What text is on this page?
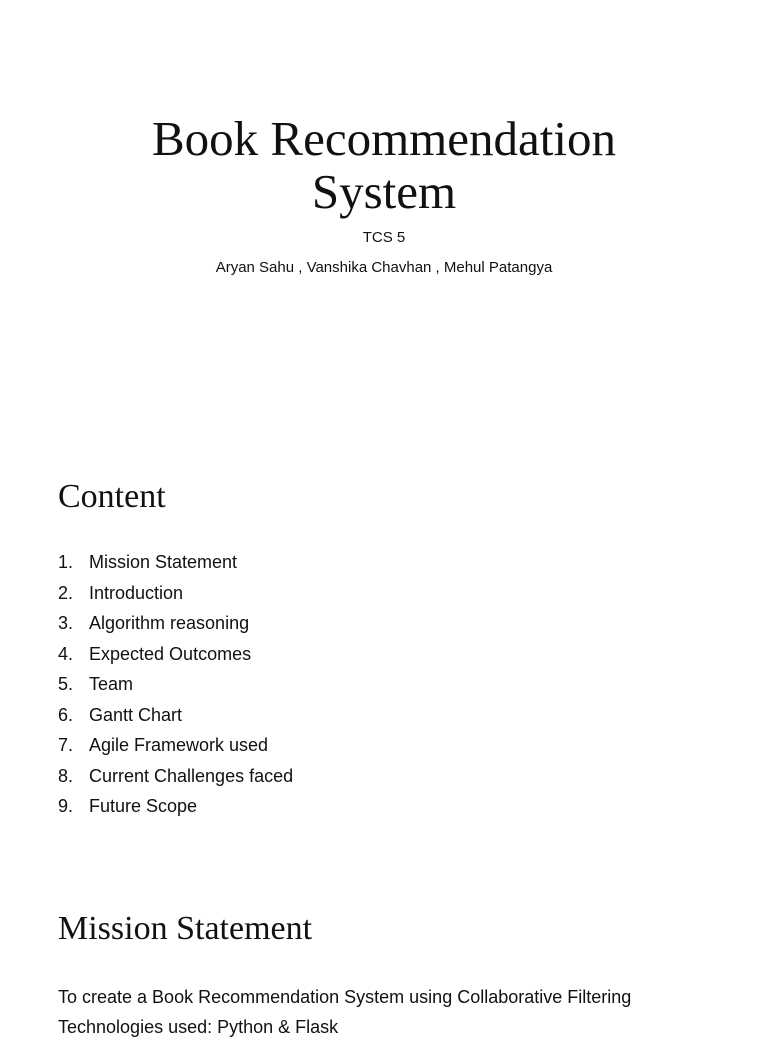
Book Recommendation
System

TCS 5

Aryan Sahu , Vanshika Chavhan , Mehul Patangya

Content
1. Mission Statement
2. Introduction
3. Algorithm reasoning
4. Expected Outcomes
5. Team
6. Gantt Chart
7. Agile Framework used
8. Current Challenges faced
9. Future Scope
Mission Statement

To create a Book Recommendation System using Collaborative Filtering Technologies used: Python & Flask
